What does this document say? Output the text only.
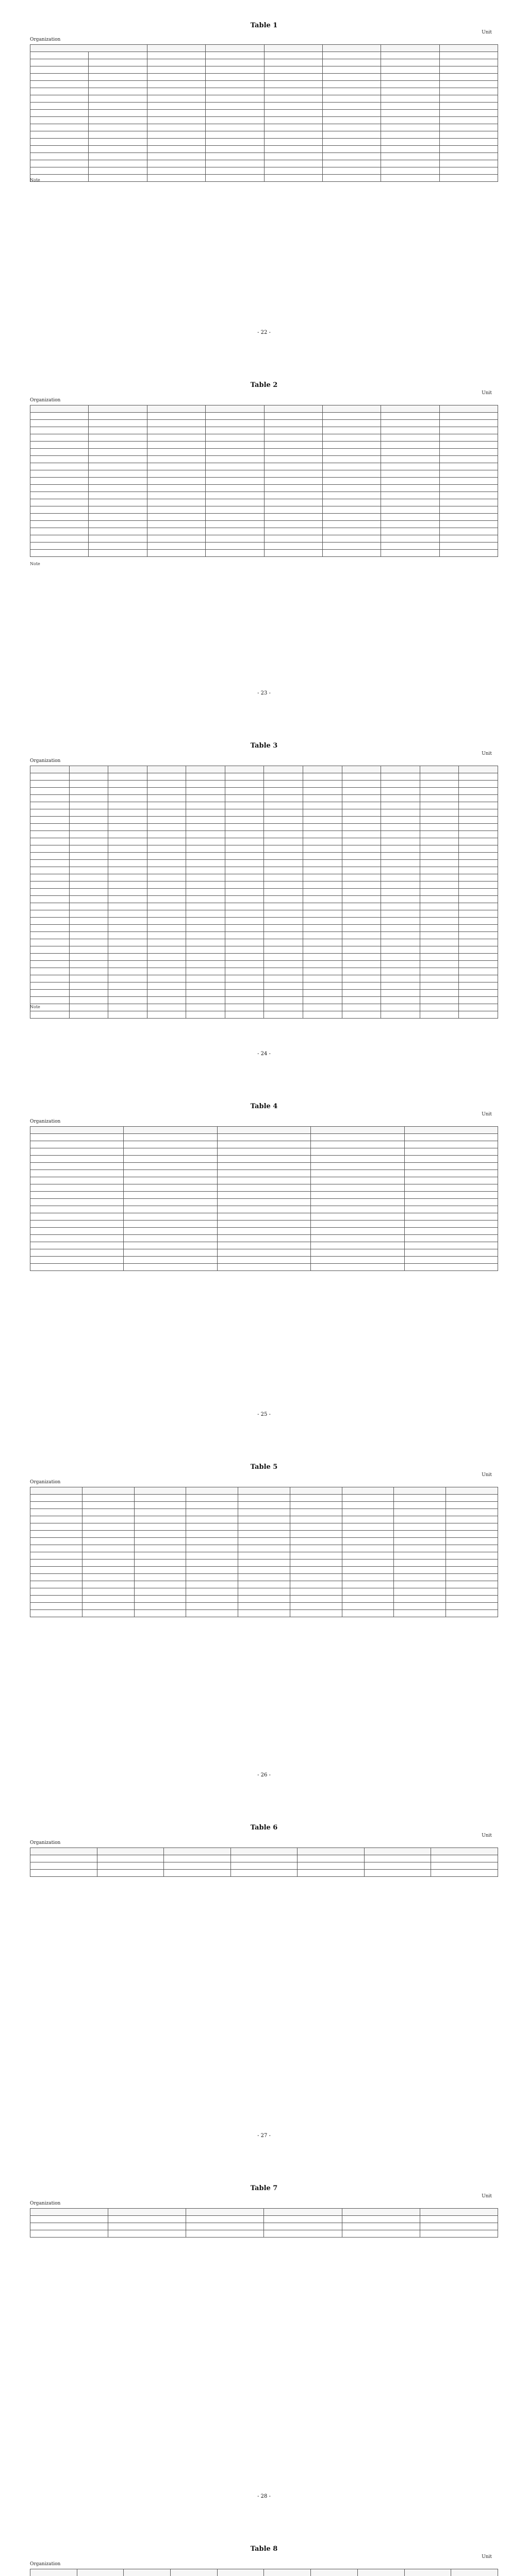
Table 1
Unit
Organization

Note
- 22 -
Table 2
Unit
Organization

Note
- 23 -
Table 3
Unit
Organization

Note
- 24 -
Table 4
Unit
Organization

- 25 -
Table 5
Unit
Organization

- 26 -
Table 6
Unit
Organization

- 27 -
Table 7
Unit
Organization

- 28 -
Table 8
Unit
Organization
